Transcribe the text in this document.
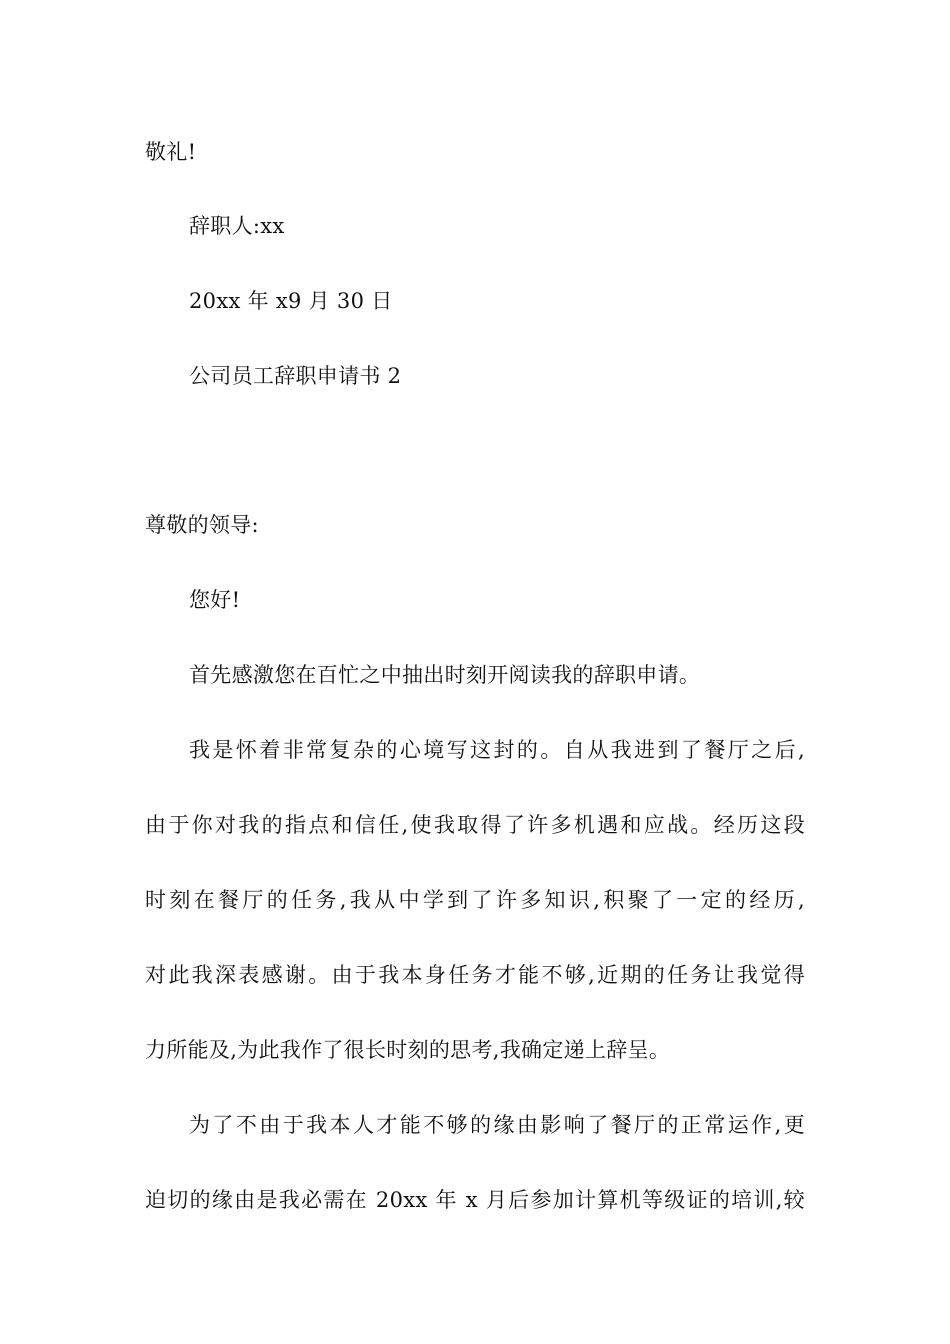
敬礼!
辞职人:xx
20xx 年 x9 月 30 日
公司员工辞职申请书 2
尊敬的领导:
您好!
首先感激您在百忙之中抽出时刻开阅读我的辞职申请。
我是怀着非常复杂的心境写这封的。自从我进到了餐厅之后,
由于你对我的指点和信任,使我取得了许多机遇和应战。经历这段
时刻在餐厅的任务,我从中学到了许多知识,积聚了一定的经历,
对此我深表感谢。由于我本身任务才能不够,近期的任务让我觉得
力所能及,为此我作了很长时刻的思考,我确定递上辞呈。
为了不由于我本人才能不够的缘由影响了餐厅的正常运作,更
迫切的缘由是我必需在 20xx 年 x 月后参加计算机等级证的培训,较
